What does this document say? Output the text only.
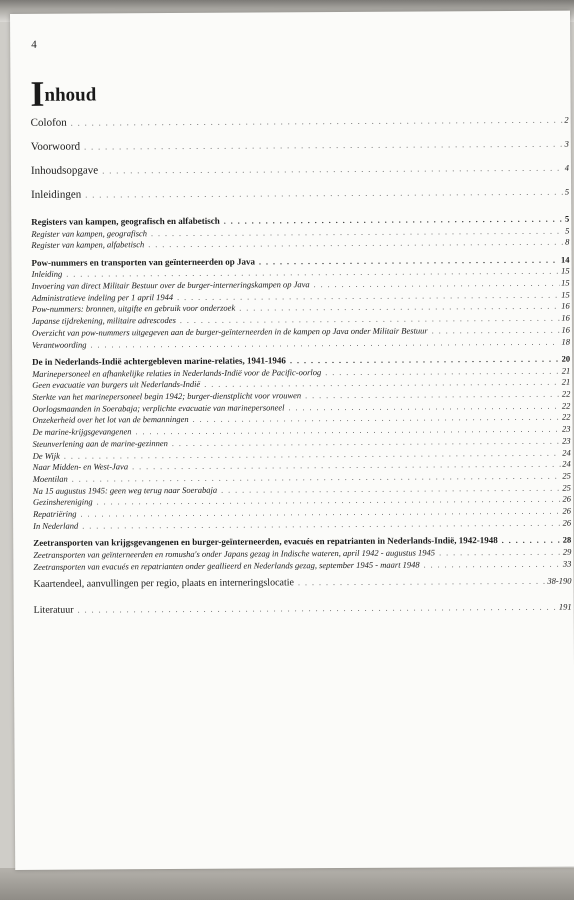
4
Inhoud
Colofon . . .	2
Voorwoord . . .	3
Inhoudsopgave . . .	4
Inleidingen . . .	5
Registers van kampen, geografisch en alfabetisch . . .	5
Register van kampen, geografisch . . .	5
Register van kampen, alfabetisch . . .	8
Pow-nummers en transporten van geïnterneerden op Java . . .	14
Inleiding . . .	15
Invoering van direct Militair Bestuur over de burger-interneringskampen op Java . . .	15
Administratieve indeling per 1 april 1944 . . .	15
Pow-nummers: bronnen, uitgifte en gebruik voor onderzoek . . .	16
Japanse tijdrekening, militaire adrescodes . . .	16
Overzicht van pow-nummers uitgegeven aan de burger-geïnterneerden in de kampen op Java onder Militair Bestuur . . .	16
Verantwoording . . .	18
De in Nederlands-Indië achtergebleven marine-relaties, 1941-1946 . . .	20
Marinepersoneel en afhankelijke relaties in Nederlands-Indië voor de Pacific-oorlog . . .	21
Geen evacuatie van burgers uit Nederlands-Indië . . .	21
Sterkte van het marinepersoneel begin 1942; burger-dienstplicht voor vrouwen . . .	22
Oorlogsmaanden in Soerabaja; verplichte evacuatie van marinepersoneel . . .	22
Onzekerheid over het lot van de bemanningen . . .	22
De marine-krijgsgevangenen . . .	23
Steunverlening aan de marine-gezinnen . . .	23
De Wijk . . .	24
Naar Midden- en West-Java . . .	24
Moentilan . . .	25
Na 15 augustus 1945: geen weg terug naar Soerabaja . . .	25
Gezinshereniging . . .	26
Repatriëring . . .	26
In Nederland . . .	26
Zeetransporten van krijgsgevangenen en burger-geïnterneerden, evacués en repatrianten in Nederlands-Indië, 1942-1948 . . .	28
Zeetransporten van geïnterneerden en romusha's onder Japans gezag in Indische wateren, april 1942 - augustus 1945 . . .	29
Zeetransporten van evacués en repatrianten onder geallieerd en Nederlands gezag, september 1945 - maart 1948 . . .	33
Kaartendeel, aanvullingen per regio, plaats en interneringslocatie . . .	38-190
Literatuur . . .	191
